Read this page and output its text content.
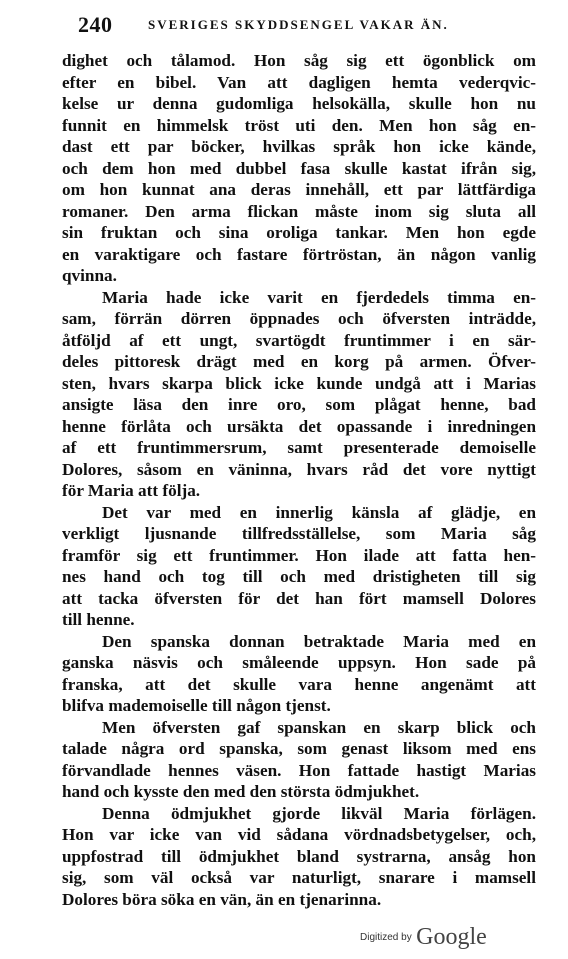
240	SVERIGES SKYDDSENGEL VAKAR ÄN.
dighet och tålamod. Hon såg sig ett ögonblick om
efter en bibel. Van att dagligen hemta vederqvic-
kelse ur denna gudomliga helsokälla, skulle hon nu
funnit en himmelsk tröst uti den. Men hon såg en-
dast ett par böcker, hvilkas språk hon icke kände,
och dem hon med dubbel fasa skulle kastat ifrån sig,
om hon kunnat ana deras innehåll, ett par lättfärdiga
romaner. Den arma flickan måste inom sig sluta all
sin fruktan och sina oroliga tankar. Men hon egde
en varaktigare och fastare förtröstan, än någon vanlig
qvinna.
Maria hade icke varit en fjerdedels timma en-
sam, förrän dörren öppnades och öfversten inträdde,
åtföljd af ett ungt, svartögdt fruntimmer i en sär-
deles pittoresk drägt med en korg på armen. Öfver-
sten, hvars skarpa blick icke kunde undgå att i Marias
ansigte läsa den inre oro, som plågat henne, bad
henne förlåta och ursäkta det opassande i inredningen
af ett fruntimmersrum, samt presenterade demoiselle
Dolores, såsom en väninna, hvars råd det vore nyttigt
för Maria att följa.
Det var med en innerlig känsla af glädje, en
verkligt ljusnande tillfredsställelse, som Maria såg
framför sig ett fruntimmer. Hon ilade att fatta hen-
nes hand och tog till och med dristigheten till sig
att tacka öfversten för det han fört mamsell Dolores
till henne.
Den spanska donnan betraktade Maria med en
ganska näsvis och småleende uppsyn. Hon sade på
franska, att det skulle vara henne angenämt att
blifva mademoiselle till någon tjenst.
Men öfversten gaf spanskan en skarp blick och
talade några ord spanska, som genast liksom med ens
förvandlade hennes väsen. Hon fattade hastigt Marias
hand och kysste den med den största ödmjukhet.
Denna ödmjukhet gjorde likväl Maria förlägen.
Hon var icke van vid sådana vördnadsbetygelser, och,
uppfostrad till ödmjukhet bland systrarna, ansåg hon
sig, som väl också var naturligt, snarare i mamsell
Dolores böra söka en vän, än en tjenarinna.
Digitized by Google
